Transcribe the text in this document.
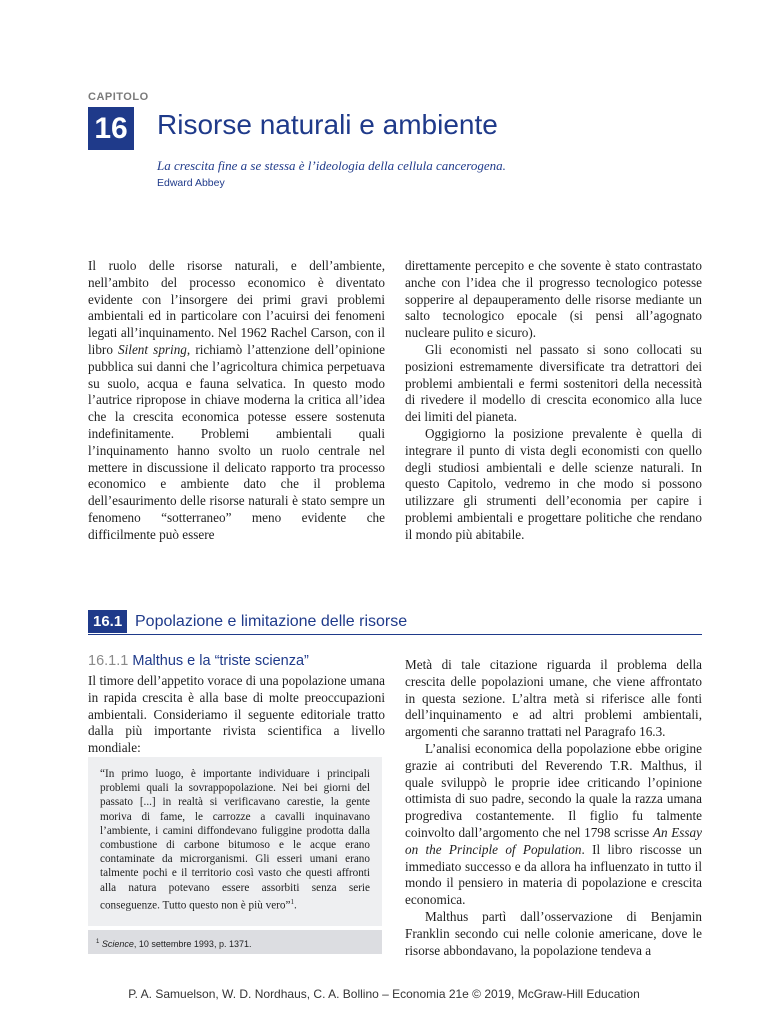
CAPITOLO
16 Risorse naturali e ambiente
La crescita fine a se stessa è l’ideologia della cellula cancerogena.
Edward Abbey

Il ruolo delle risorse naturali, e dell’ambiente, nell’ambito del processo economico è diventato evidente con l’insorgere dei primi gravi problemi ambientali ed in particolare con l’acuirsi dei fenomeni legati all’inquinamento. Nel 1962 Rachel Carson, con il libro Silent spring, richiamò l’attenzione dell’opinione pubblica sui danni che l’agricoltura chimica perpetuava su suolo, acqua e fauna selvatica. In questo modo l’autrice ripropose in chiave moderna la critica all’idea che la crescita economica potesse essere sostenuta indefinitamente. Problemi ambientali quali l’inquinamento hanno svolto un ruolo centrale nel mettere in discussione il delicato rapporto tra processo economico e ambiente dato che il problema dell’esaurimento delle risorse naturali è stato sempre un fenomeno “sotterraneo” meno evidente che difficilmente può essere

direttamente percepito e che sovente è stato contrastato anche con l’idea che il progresso tecnologico potesse sopperire al depauperamento delle risorse mediante un salto tecnologico epocale (si pensi all’agognato nucleare pulito e sicuro).

Gli economisti nel passato si sono collocati su posizioni estremamente diversificate tra detrattori dei problemi ambientali e fermi sostenitori della necessità di rivedere il modello di crescita economico alla luce dei limiti del pianeta.

Oggigiorno la posizione prevalente è quella di integrare il punto di vista degli economisti con quello degli studiosi ambientali e delle scienze naturali. In questo Capitolo, vedremo in che modo si possono utilizzare gli strumenti dell’economia per capire i problemi ambientali e progettare politiche che rendano il mondo più abitabile.

16.1 Popolazione e limitazione delle risorse
16.1.1 Malthus e la “triste scienza”

Il timore dell’appetito vorace di una popolazione umana in rapida crescita è alla base di molte preoccupazioni ambientali. Consideriamo il seguente editoriale tratto dalla più importante rivista scientifica a livello mondiale:

“In primo luogo, è importante individuare i principali problemi quali la sovrappopolazione. Nei bei giorni del passato [...] in realtà si verificavano carestie, la gente moriva di fame, le carrozze a cavalli inquinavano l’ambiente, i camini diffondevano fuliggine prodotta dalla combustione di carbone bitumoso e le acque erano contaminate da microrganismi. Gli esseri umani erano talmente pochi e il territorio così vasto che questi affronti alla natura potevano essere assorbiti senza serie conseguenze. Tutto questo non è più vero”$^1$.

$^1$ Science, 10 settembre 1993, p. 1371.

Metà di tale citazione riguarda il problema della crescita delle popolazioni umane, che viene affrontato in questa sezione. L’altra metà si riferisce alle fonti dell’inquinamento e ad altri problemi ambientali, argomenti che saranno trattati nel Paragrafo 16.3.

L’analisi economica della popolazione ebbe origine grazie ai contributi del Reverendo T.R. Malthus, il quale sviluppò le proprie idee criticando l’opinione ottimista di suo padre, secondo la quale la razza umana progrediva costantemente. Il figlio fu talmente coinvolto dall’argomento che nel 1798 scrisse An Essay on the Principle of Population. Il libro riscosse un immediato successo e da allora ha influenzato in tutto il mondo il pensiero in materia di popolazione e crescita economica.

Malthus partì dall’osservazione di Benjamin Franklin secondo cui nelle colonie americane, dove le risorse abbondavano, la popolazione tendeva a

P. A. Samuelson, W. D. Nordhaus, C. A. Bollino – Economia 21e © 2019, McGraw-Hill Education
